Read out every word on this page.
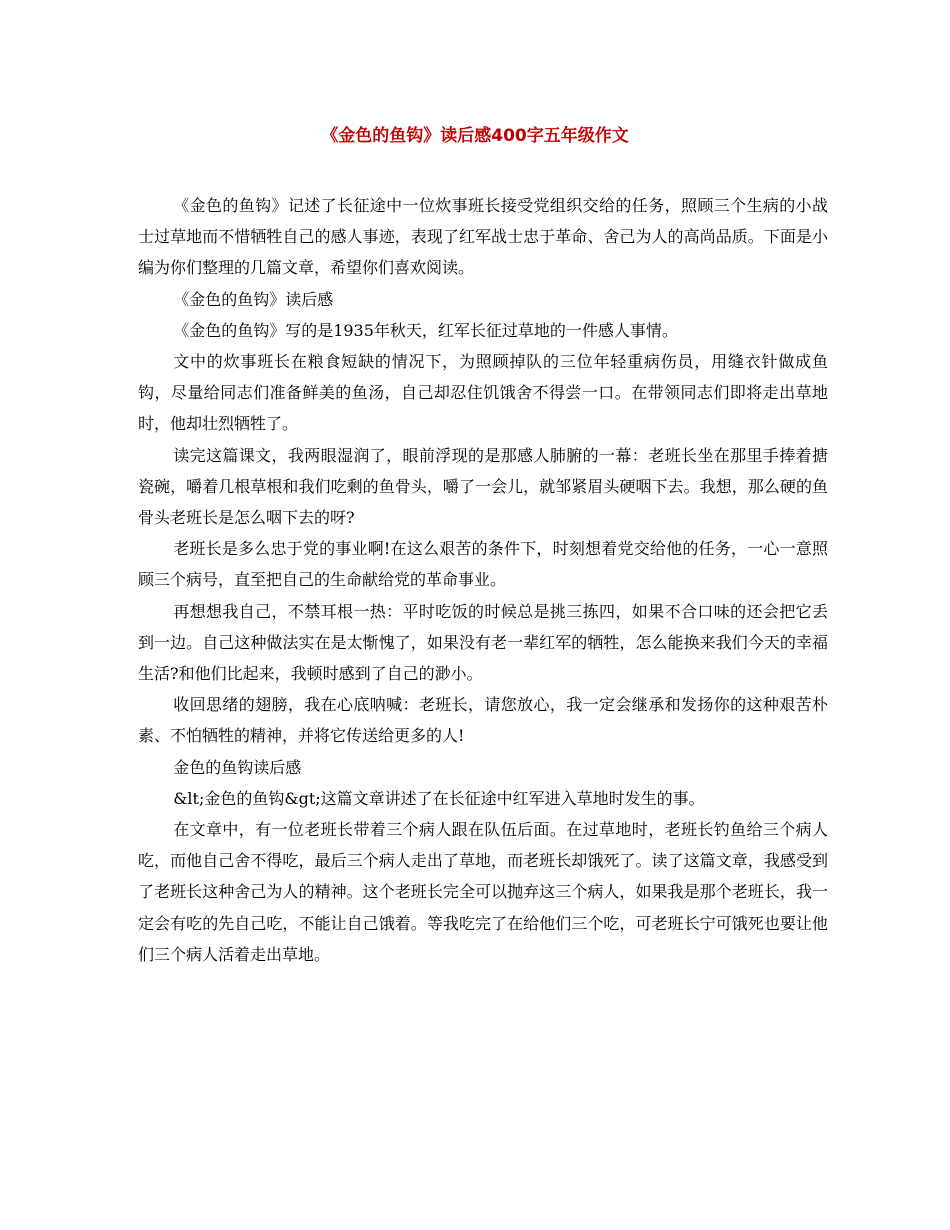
《金色的鱼钩》读后感400字五年级作文

《金色的鱼钩》记述了长征途中一位炊事班长接受党组织交给的任务，照顾三个生病的小战士过草地而不惜牺牲自己的感人事迹，表现了红军战士忠于革命、舍己为人的高尚品质。下面是小编为你们整理的几篇文章，希望你们喜欢阅读。

《金色的鱼钩》读后感

《金色的鱼钩》写的是1935年秋天，红军长征过草地的一件感人事情。

文中的炊事班长在粮食短缺的情况下，为照顾掉队的三位年轻重病伤员，用缝衣针做成鱼钩，尽量给同志们准备鲜美的鱼汤，自己却忍住饥饿舍不得尝一口。在带领同志们即将走出草地时，他却壮烈牺牲了。

读完这篇课文，我两眼湿润了，眼前浮现的是那感人肺腑的一幕：老班长坐在那里手捧着搪瓷碗，嚼着几根草根和我们吃剩的鱼骨头，嚼了一会儿，就邹紧眉头硬咽下去。我想，那么硬的鱼骨头老班长是怎么咽下去的呀?

老班长是多么忠于党的事业啊!在这么艰苦的条件下，时刻想着党交给他的任务，一心一意照顾三个病号，直至把自己的生命献给党的革命事业。

再想想我自己，不禁耳根一热：平时吃饭的时候总是挑三拣四，如果不合口味的还会把它丢到一边。自己这种做法实在是太惭愧了，如果没有老一辈红军的牺牲，怎么能换来我们今天的幸福生活?和他们比起来，我顿时感到了自己的渺小。

收回思绪的翅膀，我在心底呐喊：老班长，请您放心，我一定会继承和发扬你的这种艰苦朴素、不怕牺牲的精神，并将它传送给更多的人!

金色的鱼钩读后感

&lt;金色的鱼钩&gt;这篇文章讲述了在长征途中红军进入草地时发生的事。

在文章中，有一位老班长带着三个病人跟在队伍后面。在过草地时，老班长钓鱼给三个病人吃，而他自己舍不得吃，最后三个病人走出了草地，而老班长却饿死了。读了这篇文章，我感受到了老班长这种舍己为人的精神。这个老班长完全可以抛弃这三个病人，如果我是那个老班长，我一定会有吃的先自己吃，不能让自己饿着。等我吃完了在给他们三个吃，可老班长宁可饿死也要让他们三个病人活着走出草地。
